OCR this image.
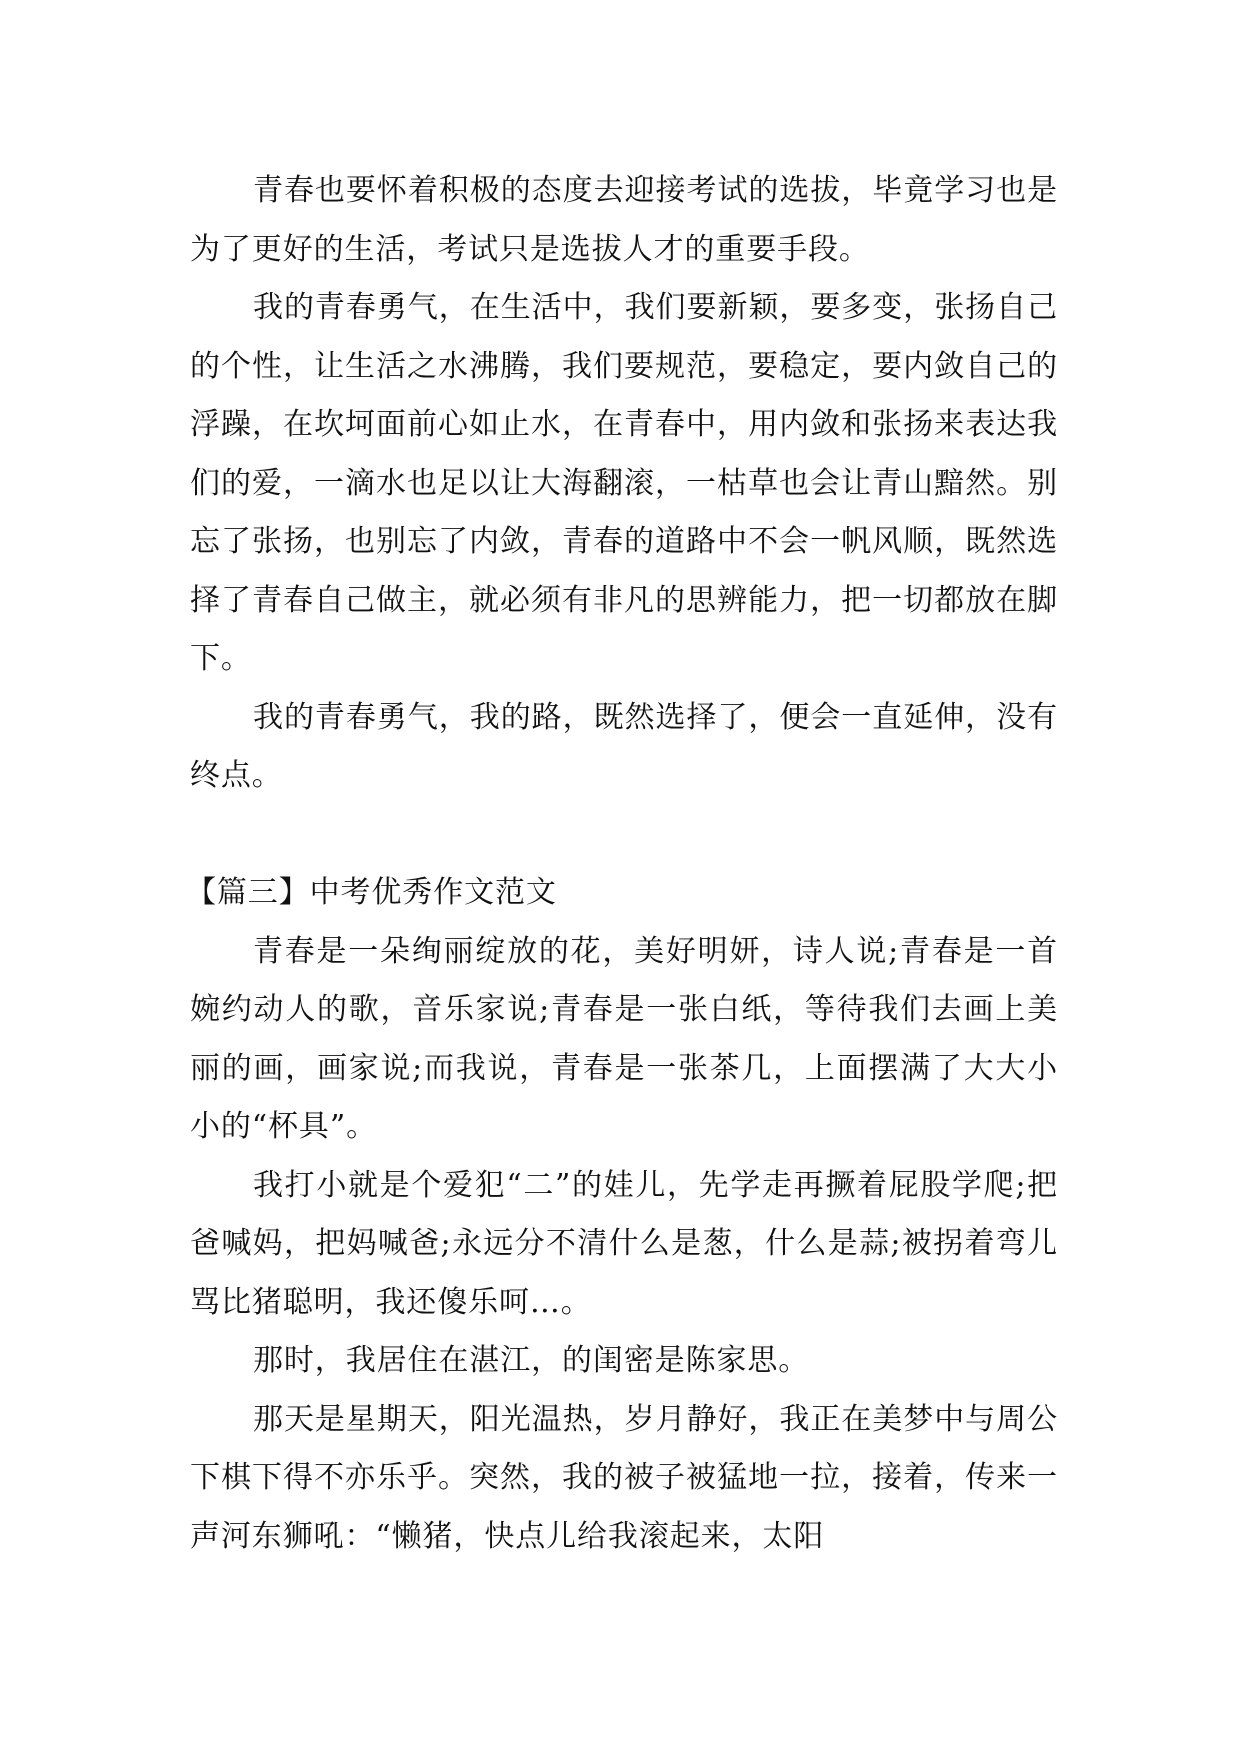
青春也要怀着积极的态度去迎接考试的选拔，毕竟学习也是为了更好的生活，考试只是选拔人才的重要手段。

我的青春勇气，在生活中，我们要新颖，要多变，张扬自己的个性，让生活之水沸腾，我们要规范，要稳定，要内敛自己的浮躁，在坎坷面前心如止水，在青春中，用内敛和张扬来表达我们的爱，一滴水也足以让大海翻滚，一枯草也会让青山黯然。别忘了张扬，也别忘了内敛，青春的道路中不会一帆风顺，既然选择了青春自己做主，就必须有非凡的思辨能力，把一切都放在脚下。

我的青春勇气，我的路，既然选择了，便会一直延伸，没有终点。

【篇三】中考优秀作文范文

青春是一朵绚丽绽放的花，美好明妍，诗人说;青春是一首婉约动人的歌，音乐家说;青春是一张白纸，等待我们去画上美丽的画，画家说;而我说，青春是一张茶几，上面摆满了大大小小的“杯具”。

我打小就是个爱犯“二”的娃儿，先学走再撅着屁股学爬;把爸喊妈，把妈喊爸;永远分不清什么是葱，什么是蒜;被拐着弯儿骂比猪聪明，我还傻乐呵…。

那时，我居住在湛江，的闺密是陈家思。

那天是星期天，阳光温热，岁月静好，我正在美梦中与周公下棋下得不亦乐乎。突然，我的被子被猛地一拉，接着，传来一声河东狮吼：“懒猪，快点儿给我滚起来，太阳
